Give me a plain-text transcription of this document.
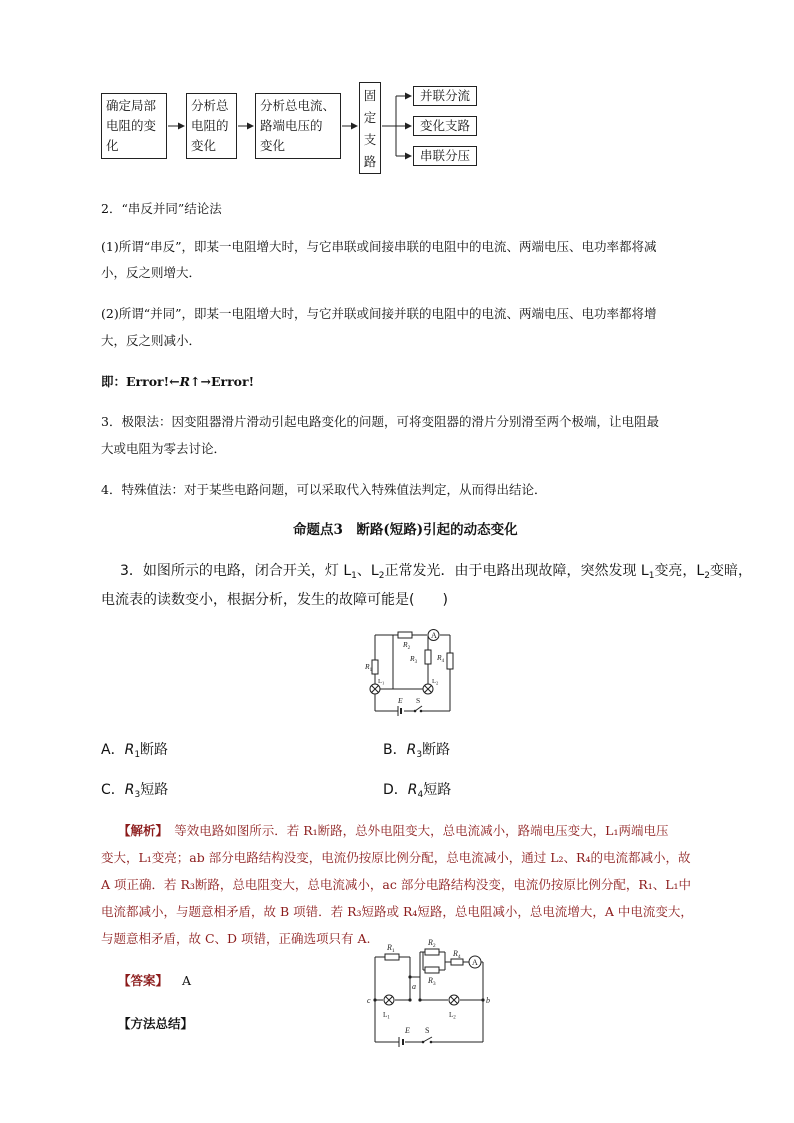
确定局部
电阻的变
化
分析总
电阻的
变化
分析总电流、
路端电压的
变化
固
定
支
路
并联分流
变化支路
串联分压
2．“串反并同”结论法
(1)所谓“串反”，即某一电阻增大时，与它串联或间接串联的电阻中的电流、两端电压、电功率都将减
小，反之则增大．
(2)所谓“并同”，即某一电阻增大时，与它并联或间接并联的电阻中的电流、两端电压、电功率都将增
大，反之则减小．
即：Error!←R↑→Error!
3．极限法：因变阻器滑片滑动引起电路变化的问题，可将变阻器的滑片分别滑至两个极端，让电阻最
大或电阻为零去讨论．
4．特殊值法：对于某些电路问题，可以采取代入特殊值法判定，从而得出结论．
命题点3　断路(短路)引起的动态变化
3．如图所示的电路，闭合开关，灯 $L_1$、$L_2$正常发光．由于电路出现故障，突然发现 $L_1$变亮，$L_2$变暗，
电流表的读数变小，根据分析，发生的故障可能是(　　)
A
$R_2$
$R_1$
$R_3$
$R_4$
$L_1$	$L_2$
E S
A．$R_1$断路	B．$R_3$断路
C．$R_3$短路	D．$R_4$短路
【解析】　等效电路如图所示．若 R₁断路，总外电阻变大，总电流减小，路端电压变大，L₁两端电压
变大，L₁变亮；ab 部分电路结构没变，电流仍按原比例分配，总电流减小，通过 L₂、R₄的电流都减小，故
A 项正确．若 R₃断路，总电阻变大，总电流减小，ac 部分电路结构没变，电流仍按原比例分配，R₁、L₁中
电流都减小，与题意相矛盾，故 B 项错．若 R₃短路或 R₄短路，总电阻减小，总电流增大，A 中电流变大，
与题意相矛盾，故 C、D 项错，正确选项只有 A.
【答案】 A
【方法总结】
A
$R_1$
$R_2$
$R_3$
$R_4$
$L_1$	$L_2$
c
a
b
E S
